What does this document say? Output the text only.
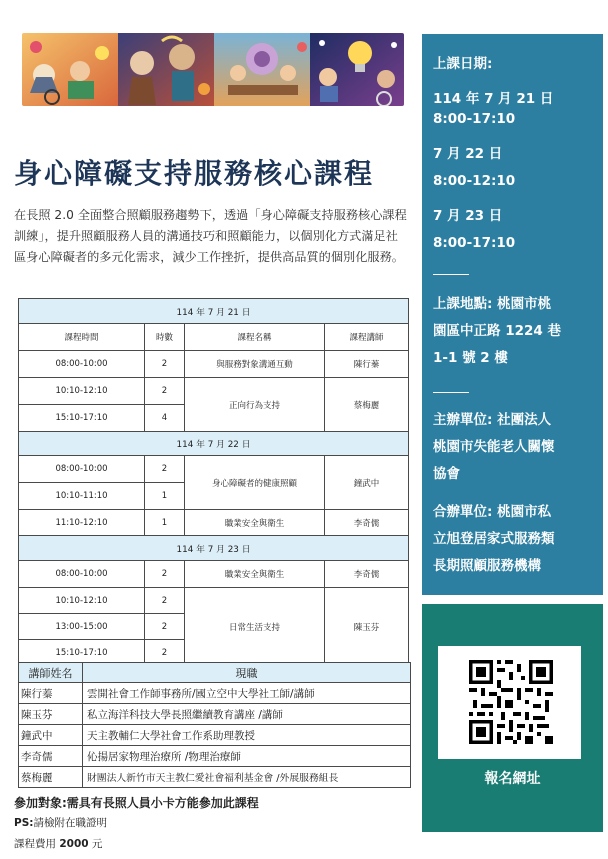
身心障礙支持服務核心課程
在長照 2.0 全面整合照顧服務趨勢下，透過「身心障礙支持服務核心課程訓練」，提升照顧服務人員的溝通技巧和照顧能力，以個別化方式滿足社區身心障礙者的多元化需求，減少工作挫折，提供高品質的個別化服務。
114 年 7 月 21 日			
課程時間	時數	課程名稱	課程講師
08:00-10:00	2	與服務對象溝通互動	陳行蓁
10:10-12:10	2	正向行為支持	蔡梅麗
15:10-17:10	4		
114 年 7 月 22 日			
08:00-10:00	2	身心障礙者的健康照顧	鐘武中
10:10-11:10	1		
11:10-12:10	1	職業安全與衛生	李奇儒
114 年 7 月 23 日			
08:00-10:00	2	職業安全與衛生	李奇儒
10:10-12:10	2	日常生活支持	陳玉芬
13:00-15:00	2		
15:10-17:10	2		
講師姓名	現職
陳行蓁	雲開社會工作師事務所/國立空中大學社工師/講師
陳玉芬	私立海洋科技大學長照繼續教育講座 /講師
鐘武中	天主教輔仁大學社會工作系助理教授
李奇儒	伈揚居家物理治療所 /物理治療師
蔡梅麗	財團法人新竹市天主教仁愛社會福利基金會 /外展服務組長
參加對象:需具有長照人員小卡方能參加此課程
PS:請檢附在職證明
課程費用 2000 元
上課日期:
114 年 7 月 21 日
8:00-17:10
7 月 22 日
8:00-12:10
7 月 23 日
8:00-17:10
上課地點: 桃園市桃
園區中正路 1224 巷
1-1 號 2 樓
主辦單位: 社團法人
桃園市失能老人關懷
協會
合辦單位: 桃園市私
立旭登居家式服務類
長期照顧服務機構
報名網址
